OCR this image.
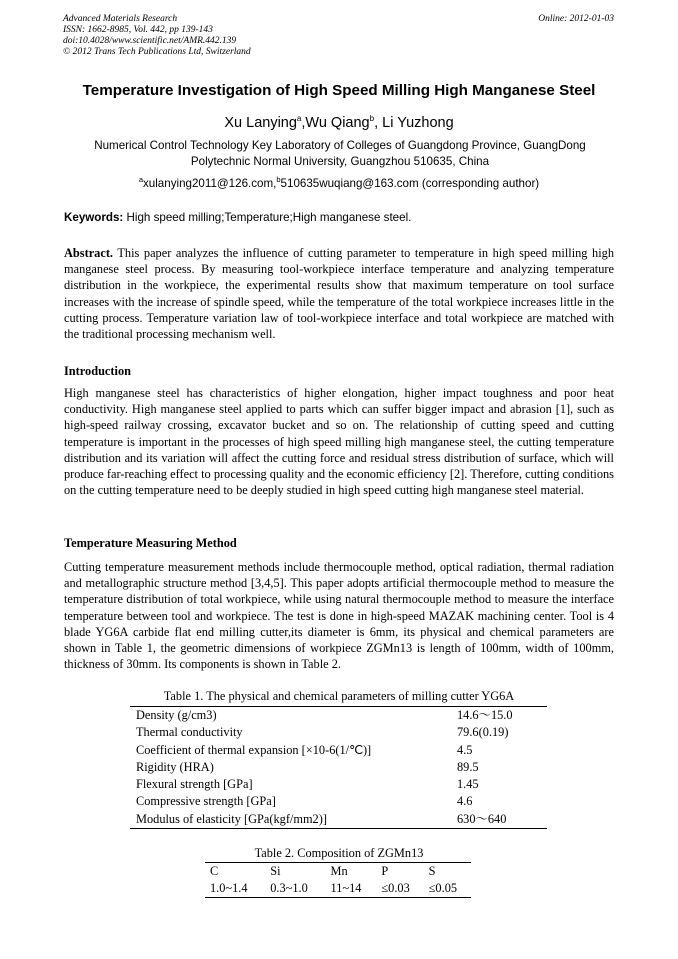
Advanced Materials Research
ISSN: 1662-8985, Vol. 442, pp 139-143
doi:10.4028/www.scientific.net/AMR.442.139
© 2012 Trans Tech Publications Ltd, Switzerland
Online: 2012-01-03
Temperature Investigation of High Speed Milling High Manganese Steel
Xu Lanying$^a$,Wu Qiang$^b$, Li Yuzhong
Numerical Control Technology Key Laboratory of Colleges of Guangdong Province, GuangDong
Polytechnic Normal University, Guangzhou 510635, China
$^a$xulanying2011@126.com,$^b$510635wuqiang@163.com (corresponding author)
Keywords: High speed milling;Temperature;High manganese steel.
Abstract. This paper analyzes the influence of cutting parameter to temperature in high speed milling high manganese steel process. By measuring tool-workpiece interface temperature and analyzing temperature distribution in the workpiece, the experimental results show that maximum temperature on tool surface increases with the increase of spindle speed, while the temperature of the total workpiece increases little in the cutting process. Temperature variation law of tool-workpiece interface and total workpiece are matched with the traditional processing mechanism well.
Introduction
High manganese steel has characteristics of higher elongation, higher impact toughness and poor heat conductivity. High manganese steel applied to parts which can suffer bigger impact and abrasion [1], such as high-speed railway crossing, excavator bucket and so on. The relationship of cutting speed and cutting temperature is important in the processes of high speed milling high manganese steel, the cutting temperature distribution and its variation will affect the cutting force and residual stress distribution of surface, which will produce far-reaching effect to processing quality and the economic efficiency [2]. Therefore, cutting conditions on the cutting temperature need to be deeply studied in high speed cutting high manganese steel material.
Temperature Measuring Method
Cutting temperature measurement methods include thermocouple method, optical radiation, thermal radiation and metallographic structure method [3,4,5]. This paper adopts artificial thermocouple method to measure the temperature distribution of total workpiece, while using natural thermocouple method to measure the interface temperature between tool and workpiece. The test is done in high-speed MAZAK machining center. Tool is 4 blade YG6A carbide flat end milling cutter,its diameter is 6mm, its physical and chemical parameters are shown in Table 1, the geometric dimensions of workpiece ZGMn13 is length of 100mm, width of 100mm, thickness of 30mm. Its components is shown in Table 2.
Table 1. The physical and chemical parameters of milling cutter YG6A
Density (g/cm3)	14.6～15.0
Thermal conductivity	79.6(0.19)
Coefficient of thermal expansion [×10-6(1/℃)]	4.5
Rigidity (HRA)	89.5
Flexural strength [GPa]	1.45
Compressive strength [GPa]	4.6
Modulus of elasticity [GPa(kgf/mm2)]	630～640
Table 2. Composition of ZGMn13
C	Si	Mn	P	S
1.0~1.4	0.3~1.0	11~14	≤0.03	≤0.05
